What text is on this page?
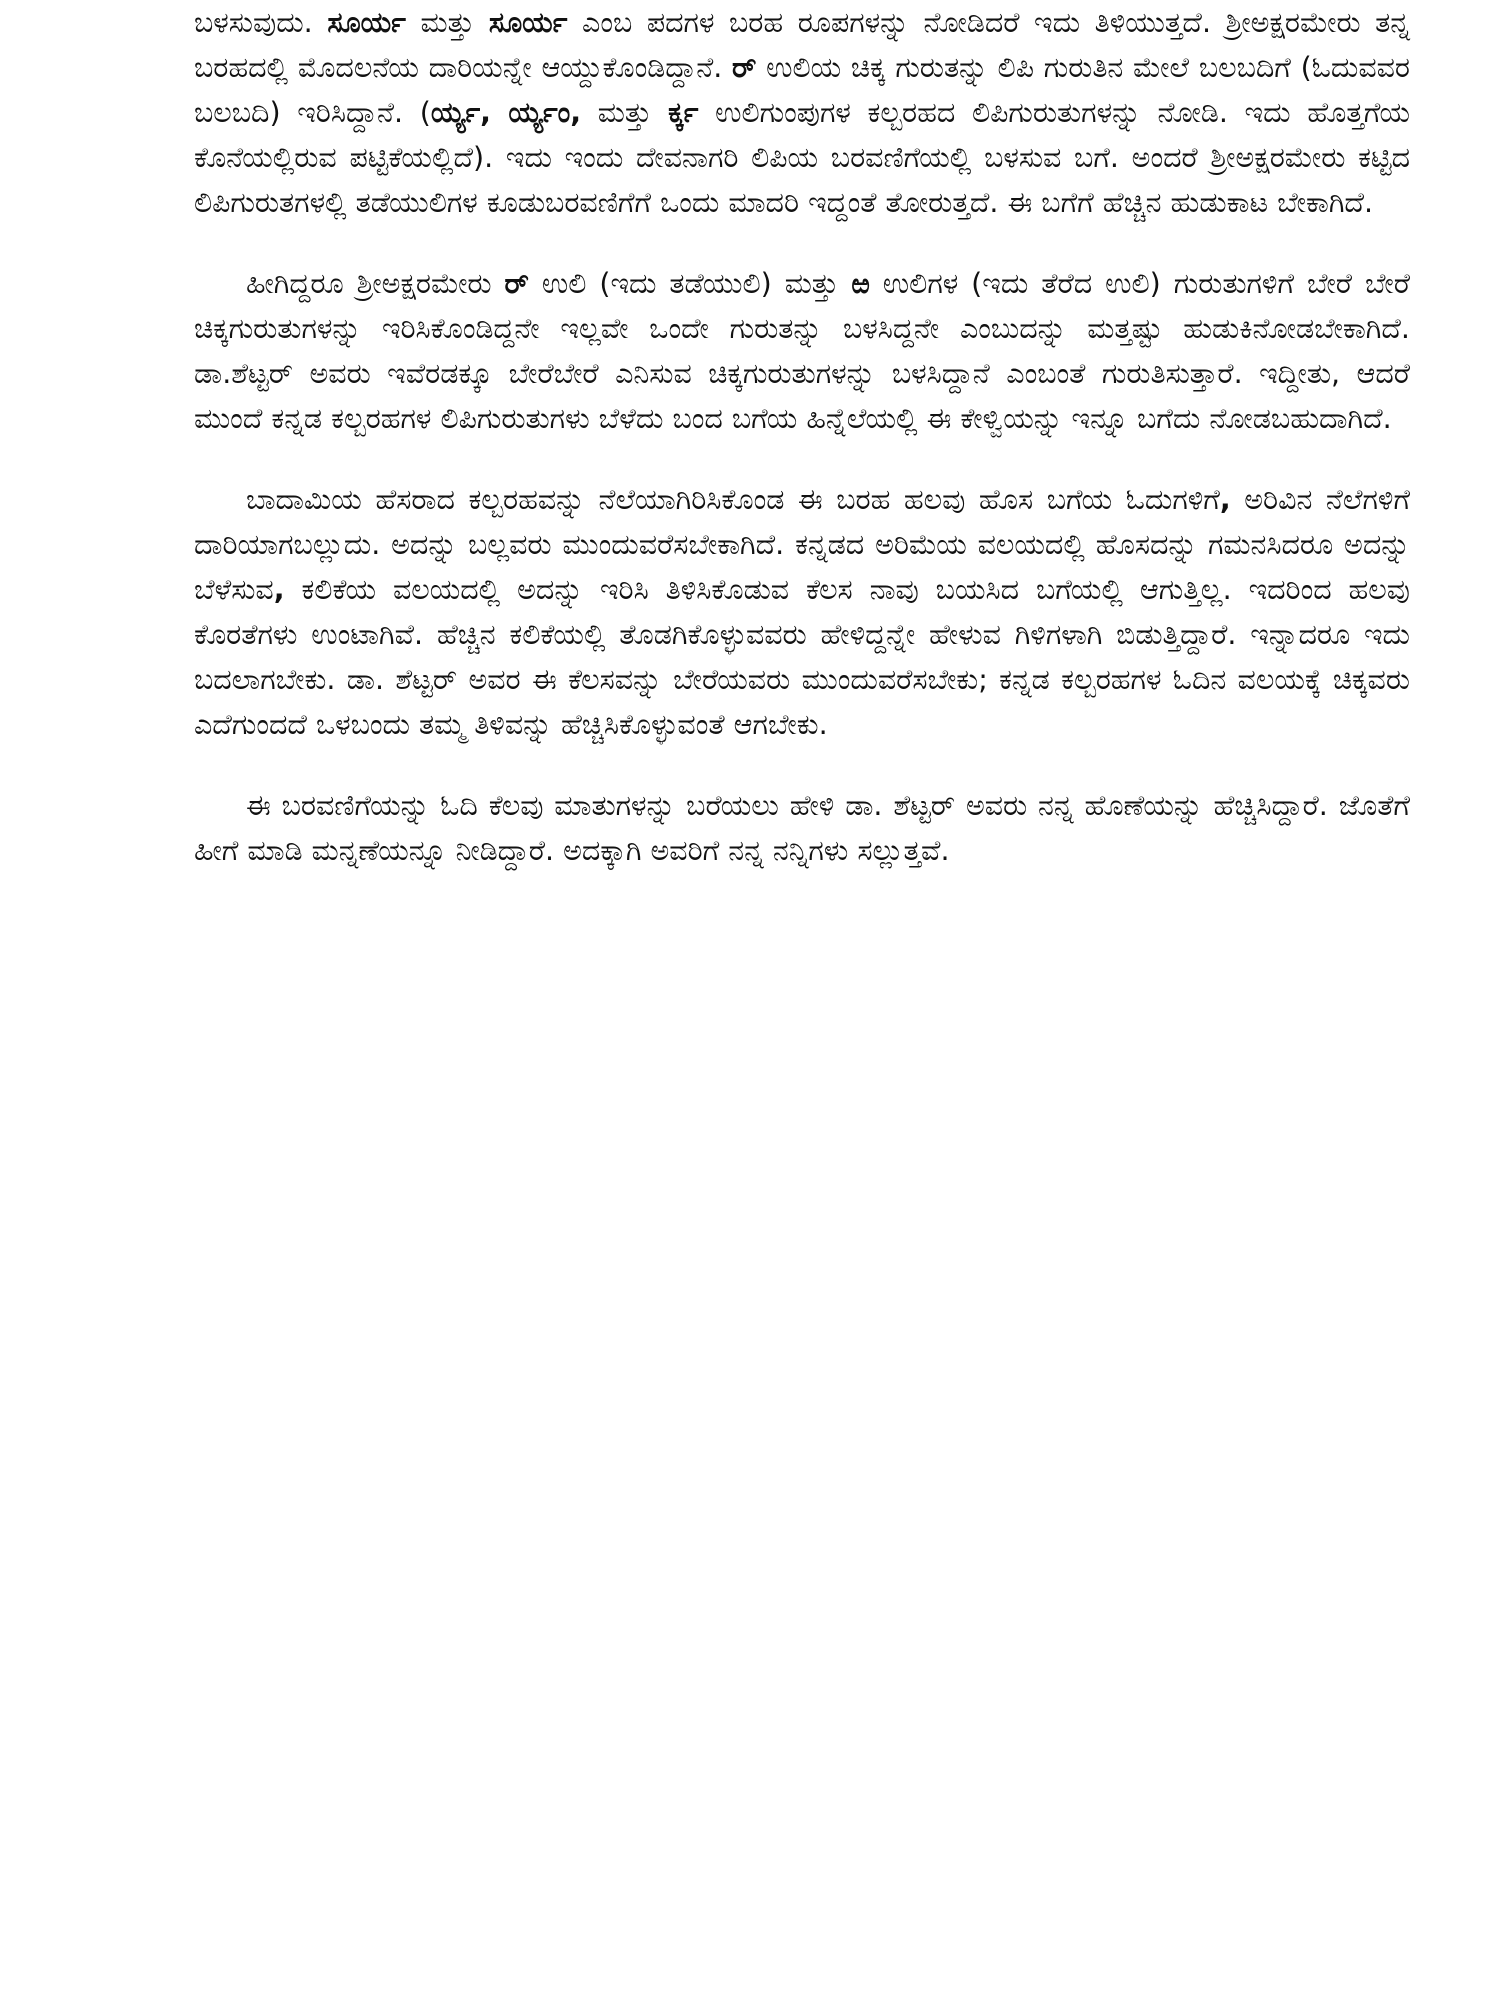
ಬಳಸುವುದು. ಸೂರ್ಯ ಮತ್ತು ಸೂರ್ಯ ಎಂಬ ಪದಗಳ ಬರಹ ರೂಪಗಳನ್ನು ನೋಡಿದರೆ ಇದು ತಿಳಿಯುತ್ತದೆ. ಶ್ರೀಅಕ್ಷರಮೇರು ತನ್ನ ಬರಹದಲ್ಲಿ ಮೊದಲನೆಯ ದಾರಿಯನ್ನೇ ಆಯ್ದುಕೊಂಡಿದ್ದಾನೆ. ರ್ ಉಲಿಯ ಚಿಕ್ಕ ಗುರುತನ್ನು ಲಿಪಿ ಗುರುತಿನ ಮೇಲೆ ಬಲಬದಿಗೆ (ಓದುವವರ ಬಲಬದಿ) ಇರಿಸಿದ್ದಾನೆ. (ರ್ಯ್ಯ, ರ್ಯ್ಯಂ, ಮತ್ತು ರ್ಕ್ಕ ಉಲಿಗುಂಪುಗಳ ಕಲ್ಬರಹದ ಲಿಪಿಗುರುತುಗಳನ್ನು ನೋಡಿ. ಇದು ಹೊತ್ತಗೆಯ ಕೊನೆಯಲ್ಲಿರುವ ಪಟ್ಟಿಕೆಯಲ್ಲಿದೆ). ಇದು ಇಂದು ದೇವನಾಗರಿ ಲಿಪಿಯ ಬರವಣಿಗೆಯಲ್ಲಿ ಬಳಸುವ ಬಗೆ. ಅಂದರೆ ಶ್ರೀಅಕ್ಷರಮೇರು ಕಟ್ಟಿದ ಲಿಪಿಗುರುತಗಳಲ್ಲಿ ತಡೆಯುಲಿಗಳ ಕೂಡುಬರವಣಿಗೆಗೆ ಒಂದು ಮಾದರಿ ಇದ್ದಂತೆ ತೋರುತ್ತದೆ. ಈ ಬಗೆಗೆ ಹೆಚ್ಚಿನ ಹುಡುಕಾಟ ಬೇಕಾಗಿದೆ.

ಹೀಗಿದ್ದರೂ ಶ್ರೀಅಕ್ಷರಮೇರು ರ್ ಉಲಿ (ಇದು ತಡೆಯುಲಿ) ಮತ್ತು ಱ ಉಲಿಗಳ (ಇದು ತೆರೆದ ಉಲಿ) ಗುರುತುಗಳಿಗೆ ಬೇರೆ ಬೇರೆ ಚಿಕ್ಕಗುರುತುಗಳನ್ನು ಇರಿಸಿಕೊಂಡಿದ್ದನೇ ಇಲ್ಲವೇ ಒಂದೇ ಗುರುತನ್ನು ಬಳಸಿದ್ದನೇ ಎಂಬುದನ್ನು ಮತ್ತಷ್ಟು ಹುಡುಕಿನೋಡಬೇಕಾಗಿದೆ. ಡಾ.ಶೆಟ್ಟರ್ ಅವರು ಇವೆರಡಕ್ಕೂ ಬೇರೆಬೇರೆ ಎನಿಸುವ ಚಿಕ್ಕಗುರುತುಗಳನ್ನು ಬಳಸಿದ್ದಾನೆ ಎಂಬಂತೆ ಗುರುತಿಸುತ್ತಾರೆ. ಇದ್ದೀತು, ಆದರೆ ಮುಂದೆ ಕನ್ನಡ ಕಲ್ಬರಹಗಳ ಲಿಪಿಗುರುತುಗಳು ಬೆಳೆದು ಬಂದ ಬಗೆಯ ಹಿನ್ನೆಲೆಯಲ್ಲಿ ಈ ಕೇಳ್ವಿಯನ್ನು ಇನ್ನೂ ಬಗೆದು ನೋಡಬಹುದಾಗಿದೆ.

ಬಾದಾಮಿಯ ಹೆಸರಾದ ಕಲ್ಬರಹವನ್ನು ನೆಲೆಯಾಗಿರಿಸಿಕೊಂಡ ಈ ಬರಹ ಹಲವು ಹೊಸ ಬಗೆಯ ಓದುಗಳಿಗೆ, ಅರಿವಿನ ನೆಲೆಗಳಿಗೆ ದಾರಿಯಾಗಬಲ್ಲುದು. ಅದನ್ನು ಬಲ್ಲವರು ಮುಂದುವರೆಸಬೇಕಾಗಿದೆ. ಕನ್ನಡದ ಅರಿಮೆಯ ವಲಯದಲ್ಲಿ ಹೊಸದನ್ನು ಗಮನಸಿದರೂ ಅದನ್ನು ಬೆಳೆಸುವ, ಕಲಿಕೆಯ ವಲಯದಲ್ಲಿ ಅದನ್ನು ಇರಿಸಿ ತಿಳಿಸಿಕೊಡುವ ಕೆಲಸ ನಾವು ಬಯಸಿದ ಬಗೆಯಲ್ಲಿ ಆಗುತ್ತಿಲ್ಲ. ಇದರಿಂದ ಹಲವು ಕೊರತೆಗಳು ಉಂಟಾಗಿವೆ. ಹೆಚ್ಚಿನ ಕಲಿಕೆಯಲ್ಲಿ ತೊಡಗಿಕೊಳ್ಳುವವರು ಹೇಳಿದ್ದನ್ನೇ ಹೇಳುವ ಗಿಳಿಗಳಾಗಿ ಬಿಡುತ್ತಿದ್ದಾರೆ. ಇನ್ನಾದರೂ ಇದು ಬದಲಾಗಬೇಕು. ಡಾ. ಶೆಟ್ಟರ್ ಅವರ ಈ ಕೆಲಸವನ್ನು ಬೇರೆಯವರು ಮುಂದುವರೆಸಬೇಕು; ಕನ್ನಡ ಕಲ್ಬರಹಗಳ ಓದಿನ ವಲಯಕ್ಕೆ ಚಿಕ್ಕವರು ಎದೆಗುಂದದೆ ಒಳಬಂದು ತಮ್ಮ ತಿಳಿವನ್ನು ಹೆಚ್ಚಿಸಿಕೊಳ್ಳುವಂತೆ ಆಗಬೇಕು.

ಈ ಬರವಣಿಗೆಯನ್ನು ಓದಿ ಕೆಲವು ಮಾತುಗಳನ್ನು ಬರೆಯಲು ಹೇಳಿ ಡಾ. ಶೆಟ್ಟರ್ ಅವರು ನನ್ನ ಹೊಣೆಯನ್ನು ಹೆಚ್ಚಿಸಿದ್ದಾರೆ. ಜೊತೆಗೆ ಹೀಗೆ ಮಾಡಿ ಮನ್ನಣೆಯನ್ನೂ ನೀಡಿದ್ದಾರೆ. ಅದಕ್ಕಾಗಿ ಅವರಿಗೆ ನನ್ನ ನನ್ನಿಗಳು ಸಲ್ಲುತ್ತವೆ.
